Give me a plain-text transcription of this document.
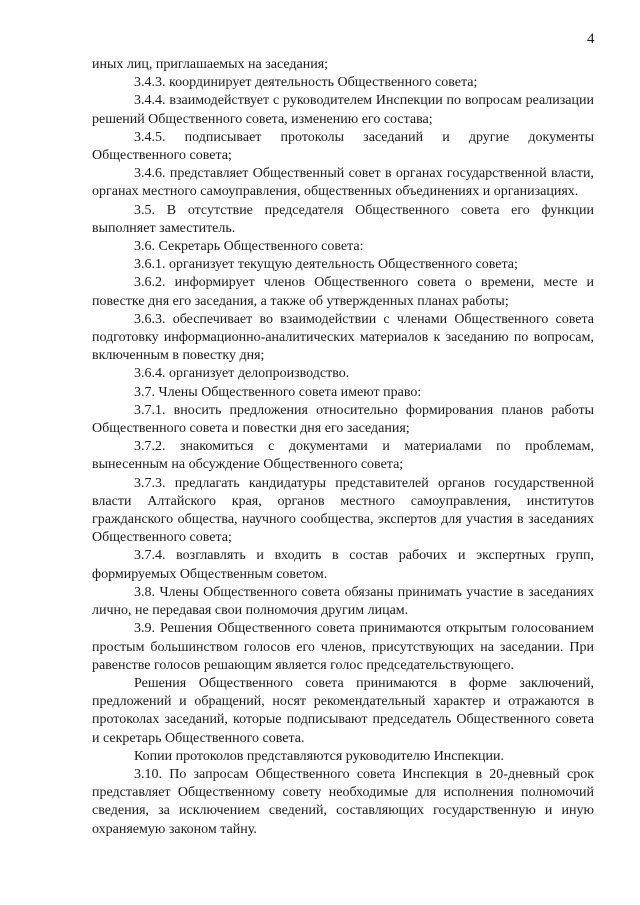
4

иных лиц, приглашаемых на заседания;

3.4.3. координирует деятельность Общественного совета;

3.4.4. взаимодействует с руководителем Инспекции по вопросам реализации решений Общественного совета, изменению его состава;

3.4.5. подписывает протоколы заседаний и другие документы Общественного совета;

3.4.6. представляет Общественный совет в органах государственной власти, органах местного самоуправления, общественных объединениях и организациях.

3.5. В отсутствие председателя Общественного совета его функции выполняет заместитель.

3.6. Секретарь Общественного совета:

3.6.1. организует текущую деятельность Общественного совета;

3.6.2. информирует членов Общественного совета о времени, месте и повестке дня его заседания, а также об утвержденных планах работы;

3.6.3. обеспечивает во взаимодействии с членами Общественного совета подготовку информационно-аналитических материалов к заседанию по вопросам, включенным в повестку дня;

3.6.4. организует делопроизводство.

3.7. Члены Общественного совета имеют право:

3.7.1. вносить предложения относительно формирования планов работы Общественного совета и повестки дня его заседания;

3.7.2. знакомиться с документами и материалами по проблемам, вынесенным на обсуждение Общественного совета;

3.7.3. предлагать кандидатуры представителей органов государственной власти Алтайского края, органов местного самоуправления, институтов гражданского общества, научного сообщества, экспертов для участия в заседаниях Общественного совета;

3.7.4. возглавлять и входить в состав рабочих и экспертных групп, формируемых Общественным советом.

3.8. Члены Общественного совета обязаны принимать участие в заседаниях лично, не передавая свои полномочия другим лицам.

3.9. Решения Общественного совета принимаются открытым голосованием простым большинством голосов его членов, присутствующих на заседании. При равенстве голосов решающим является голос председательствующего.

Решения Общественного совета принимаются в форме заключений, предложений и обращений, носят рекомендательный характер и отражаются в протоколах заседаний, которые подписывают председатель Общественного совета и секретарь Общественного совета.

Копии протоколов представляются руководителю Инспекции.

3.10. По запросам Общественного совета Инспекция в 20-дневный срок представляет Общественному совету необходимые для исполнения полномочий сведения, за исключением сведений, составляющих государственную и иную охраняемую законом тайну.
